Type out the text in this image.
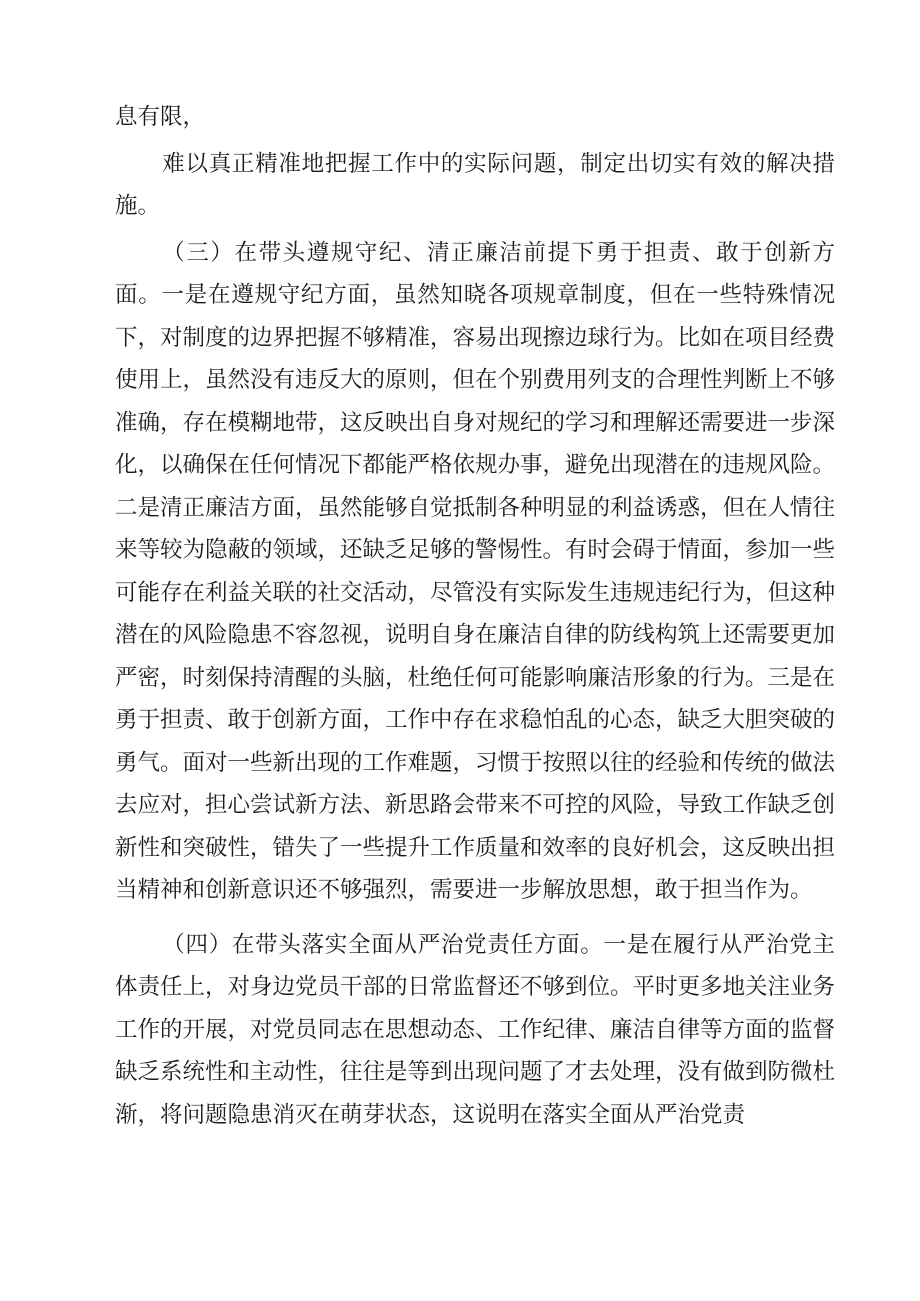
息有限，

难以真正精准地把握工作中的实际问题，制定出切实有效的解决措施。

（三）在带头遵规守纪、清正廉洁前提下勇于担责、敢于创新方面。一是在遵规守纪方面，虽然知晓各项规章制度，但在一些特殊情况下，对制度的边界把握不够精准，容易出现擦边球行为。比如在项目经费使用上，虽然没有违反大的原则，但在个别费用列支的合理性判断上不够准确，存在模糊地带，这反映出自身对规纪的学习和理解还需要进一步深化，以确保在任何情况下都能严格依规办事，避免出现潜在的违规风险。二是清正廉洁方面，虽然能够自觉抵制各种明显的利益诱惑，但在人情往来等较为隐蔽的领域，还缺乏足够的警惕性。有时会碍于情面，参加一些可能存在利益关联的社交活动，尽管没有实际发生违规违纪行为，但这种潜在的风险隐患不容忽视，说明自身在廉洁自律的防线构筑上还需要更加严密，时刻保持清醒的头脑，杜绝任何可能影响廉洁形象的行为。三是在勇于担责、敢于创新方面，工作中存在求稳怕乱的心态，缺乏大胆突破的勇气。面对一些新出现的工作难题，习惯于按照以往的经验和传统的做法去应对，担心尝试新方法、新思路会带来不可控的风险，导致工作缺乏创新性和突破性，错失了一些提升工作质量和效率的良好机会，这反映出担当精神和创新意识还不够强烈，需要进一步解放思想，敢于担当作为。

（四）在带头落实全面从严治党责任方面。一是在履行从严治党主体责任上，对身边党员干部的日常监督还不够到位。平时更多地关注业务工作的开展，对党员同志在思想动态、工作纪律、廉洁自律等方面的监督缺乏系统性和主动性，往往是等到出现问题了才去处理，没有做到防微杜渐，将问题隐患消灭在萌芽状态，这说明在落实全面从严治党责
